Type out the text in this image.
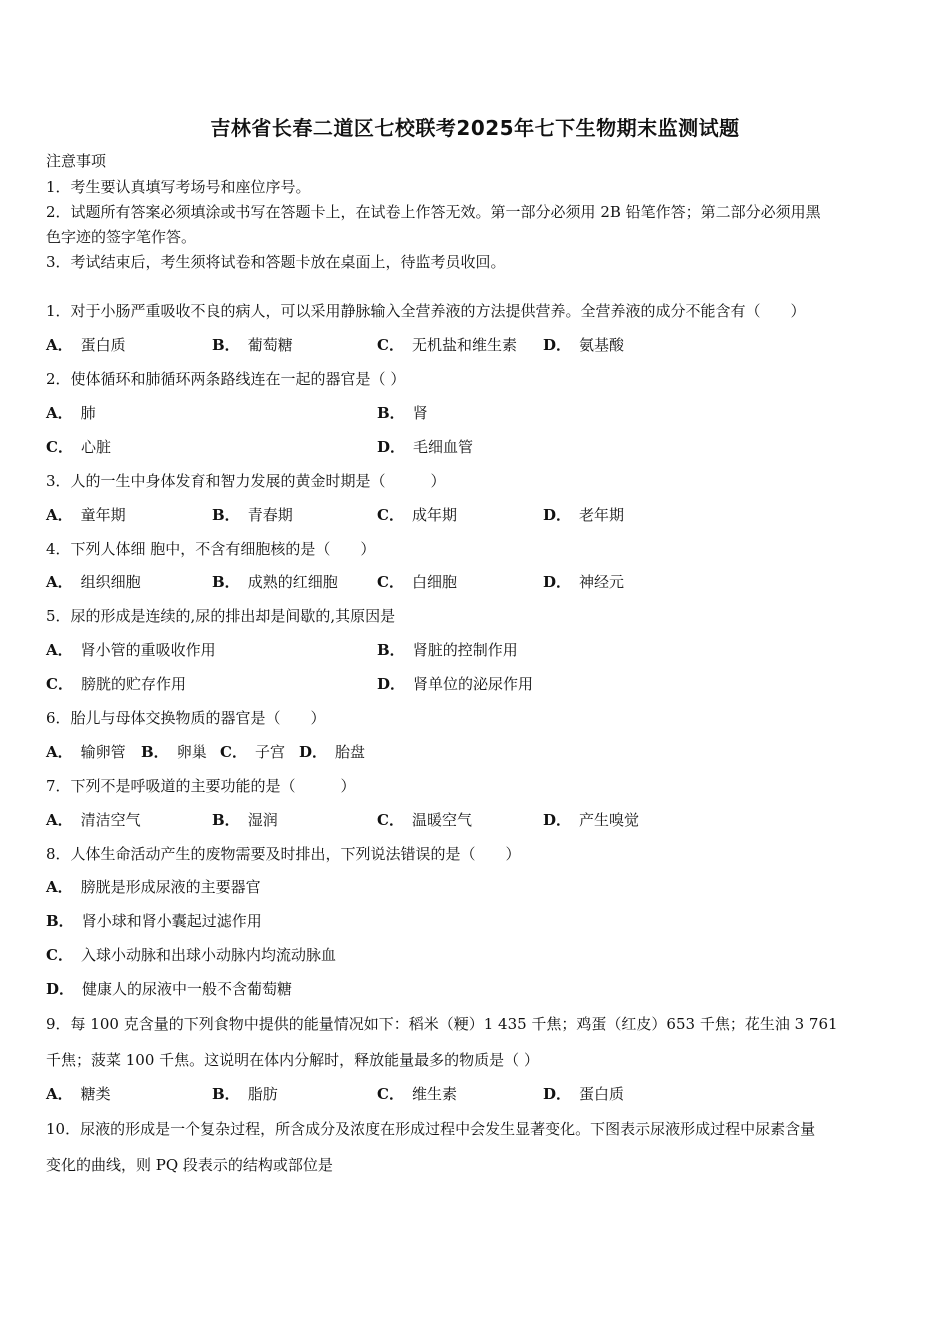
吉林省长春二道区七校联考2025年七下生物期末监测试题
注意事项
1．考生要认真填写考场号和座位序号。
2．试题所有答案必须填涂或书写在答题卡上，在试卷上作答无效。第一部分必须用 2B 铅笔作答；第二部分必须用黑
色字迹的签字笔作答。
3．考试结束后，考生须将试卷和答题卡放在桌面上，待监考员收回。
1．对于小肠严重吸收不良的病人，可以采用静脉输入全营养液的方法提供营养。全营养液的成分不能含有（　　）
A． 蛋白质	B． 葡萄糖	C． 无机盐和维生素 D． 氨基酸
2．使体循环和肺循环两条路线连在一起的器官是（ ）
A． 肺	B． 肾
C． 心脏	D． 毛细血管
3．人的一生中身体发育和智力发展的黄金时期是（　　　）
A． 童年期	B． 青春期	C． 成年期	D． 老年期
4．下列人体细 胞中，不含有细胞核的是（　　）
A． 组织细胞	B． 成熟的红细胞	C． 白细胞	D． 神经元
5．尿的形成是连续的,尿的排出却是间歇的,其原因是
A． 肾小管的重吸收作用	B． 肾脏的控制作用
C． 膀胱的贮存作用	D． 肾单位的泌尿作用
6．胎儿与母体交换物质的器官是（　　）
A． 输卵管 B． 卵巢 C． 子宫 D． 胎盘
7．下列不是呼吸道的主要功能的是（　　　）
A． 清洁空气	B． 湿润	C． 温暖空气	D． 产生嗅觉
8．人体生命活动产生的废物需要及时排出，下列说法错误的是（　　）
A． 膀胱是形成尿液的主要器官
B． 肾小球和肾小囊起过滤作用
C． 入球小动脉和出球小动脉内均流动脉血
D． 健康人的尿液中一般不含葡萄糖
9．每 100 克含量的下列食物中提供的能量情况如下：稻米（粳）1 435 千焦；鸡蛋（红皮）653 千焦；花生油 3 761
千焦；菠菜 100 千焦。这说明在体内分解时，释放能量最多的物质是（ ）
A． 糖类	B． 脂肪	C． 维生素	D． 蛋白质
10．尿液的形成是一个复杂过程，所含成分及浓度在形成过程中会发生显著变化。下图表示尿液形成过程中尿素含量
变化的曲线，则 PQ 段表示的结构或部位是
